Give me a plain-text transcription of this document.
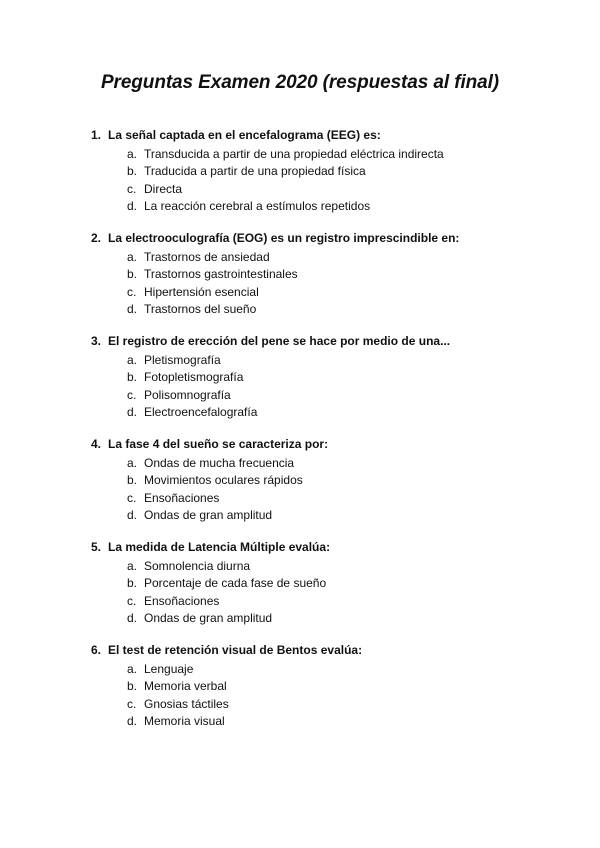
Preguntas Examen 2020 (respuestas al final)
1. La señal captada en el encefalograma (EEG) es:
a. Transducida a partir de una propiedad eléctrica indirecta
b. Traducida a partir de una propiedad física
c. Directa
d. La reacción cerebral a estímulos repetidos
2. La electrooculografía (EOG) es un registro imprescindible en:
a. Trastornos de ansiedad
b. Trastornos gastrointestinales
c. Hipertensión esencial
d. Trastornos del sueño
3. El registro de erección del pene se hace por medio de una...
a. Pletismografía
b. Fotopletismografía
c. Polisomnografía
d. Electroencefalografía
4. La fase 4 del sueño se caracteriza por:
a. Ondas de mucha frecuencia
b. Movimientos oculares rápidos
c. Ensoñaciones
d. Ondas de gran amplitud
5. La medida de Latencia Múltiple evalúa:
a. Somnolencia diurna
b. Porcentaje de cada fase de sueño
c. Ensoñaciones
d. Ondas de gran amplitud
6. El test de retención visual de Bentos evalúa:
a. Lenguaje
b. Memoria verbal
c. Gnosias táctiles
d. Memoria visual
